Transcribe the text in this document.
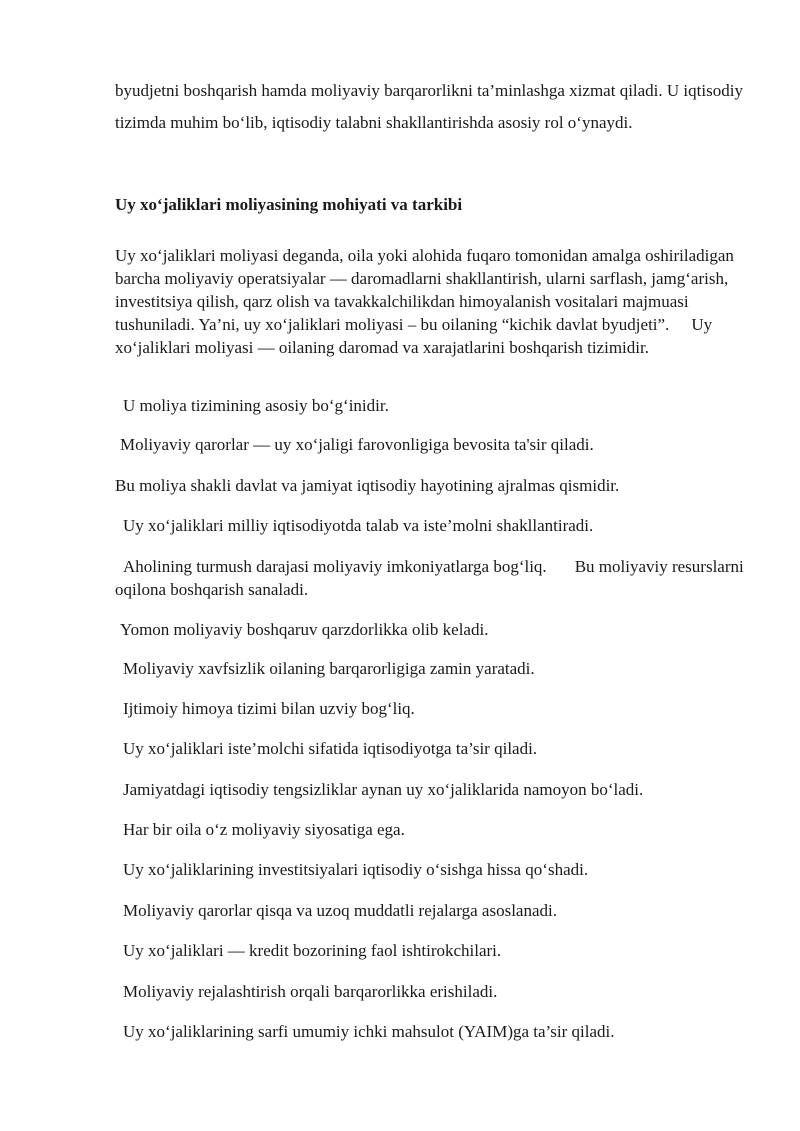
byudjetni boshqarish hamda moliyaviy barqarorlikni ta’minlashga xizmat qiladi. U iqtisodiy tizimda muhim bo‘lib, iqtisodiy talabni shakllantirishda asosiy rol o‘ynaydi.

Uy xo‘jaliklari moliyasining mohiyati va tarkibi

Uy xo‘jaliklari moliyasi deganda, oila yoki alohida fuqaro tomonidan amalga oshiriladigan barcha moliyaviy operatsiyalar — daromadlarni shakllantirish, ularni sarflash, jamg‘arish, investitsiya qilish, qarz olish va tavakkalchilikdan himoyalanish vositalari majmuasi tushuniladi. Ya’ni, uy xo‘jaliklari moliyasi – bu oilaning “kichik davlat byudjeti”. Uy xo‘jaliklari moliyasi — oilaning daromad va xarajatlarini boshqarish tizimidir.

U moliya tizimining asosiy bo‘g‘inidir.

Moliyaviy qarorlar — uy xo‘jaligi farovonligiga bevosita ta'sir qiladi.

Bu moliya shakli davlat va jamiyat iqtisodiy hayotining ajralmas qismidir.

Uy xo‘jaliklari milliy iqtisodiyotda talab va iste’molni shakllantiradi.

Aholining turmush darajasi moliyaviy imkoniyatlarga bog‘liq. Bu moliyaviy resurslarni oqilona boshqarish sanaladi.

Yomon moliyaviy boshqaruv qarzdorlikka olib keladi.

Moliyaviy xavfsizlik oilaning barqarorligiga zamin yaratadi.

Ijtimoiy himoya tizimi bilan uzviy bog‘liq.

Uy xo‘jaliklari iste’molchi sifatida iqtisodiyotga ta’sir qiladi.

Jamiyatdagi iqtisodiy tengsizliklar aynan uy xo‘jaliklarida namoyon bo‘ladi.

Har bir oila o‘z moliyaviy siyosatiga ega.

Uy xo‘jaliklarining investitsiyalari iqtisodiy o‘sishga hissa qo‘shadi.

Moliyaviy qarorlar qisqa va uzoq muddatli rejalarga asoslanadi.

Uy xo‘jaliklari — kredit bozorining faol ishtirokchilari.

Moliyaviy rejalashtirish orqali barqarorlikka erishiladi.

Uy xo‘jaliklarining sarfi umumiy ichki mahsulot (YAIM)ga ta’sir qiladi.
